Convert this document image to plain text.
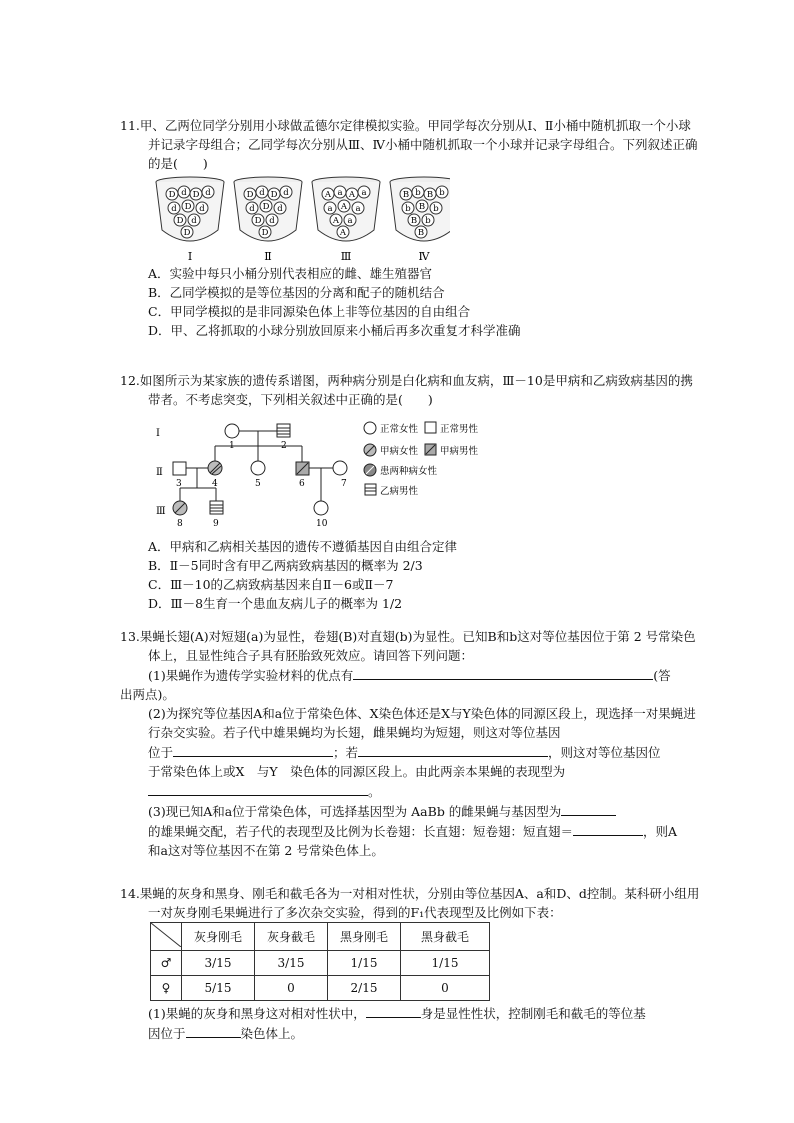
11.甲、乙两位同学分别用小球做孟德尔定律模拟实验。甲同学每次分别从Ⅰ、Ⅱ小桶中随机抓取一个小球并记录字母组合；乙同学每次分别从Ⅲ、Ⅳ小桶中随机抓取一个小球并记录字母组合。下列叙述正确的是(　　)

D d D d
d D d
D d
D
Ⅰ
D d D d
d D d
D d
D
Ⅱ
A a A a
a A a
A a
A
Ⅲ
B b B b
b B b
B b
B
Ⅳ

A．实验中每只小桶分别代表相应的雌、雄生殖器官

B．乙同学模拟的是等位基因的分离和配子的随机结合

C．甲同学模拟的是非同源染色体上非等位基因的自由组合

D．甲、乙将抓取的小球分别放回原来小桶后再多次重复才科学准确

12.如图所示为某家族的遗传系谱图，两种病分别是白化病和血友病，Ⅲ－10是甲病和乙病致病基因的携带者。不考虑突变，下列相关叙述中正确的是(　　)

Ⅰ
Ⅱ
Ⅲ
1	2
3	4	5	6	7
8	9	10
正常女性 正常男性
甲病女性 甲病男性
患两种病女性
乙病男性

A．甲病和乙病相关基因的遗传不遵循基因自由组合定律

B．Ⅱ－5同时含有甲乙两病致病基因的概率为 2/3

C．Ⅲ－10的乙病致病基因来自Ⅱ－6或Ⅱ－7

D．Ⅲ－8生育一个患血友病儿子的概率为 1/2

13.果蝇长翅(A)对短翅(a)为显性，卷翅(B)对直翅(b)为显性。已知B和b这对等位基因位于第 2 号常染色体上，且显性纯合子具有胚胎致死效应。请回答下列问题：

(1)果蝇作为遗传学实验材料的优点有	(答

出两点)。

(2)为探究等位基因A和a位于常染色体、X染色体还是X与Y染色体的同源区段上，现选择一对果蝇进行杂交实验。若子代中雄果蝇均为长翅，雌果蝇均为短翅，则这对等位基因

位于	；若	，则这对等位基因位

于常染色体上或X　与Y　染色体的同源区段上。由此两亲本果蝇的表现型为

。

(3)现已知A和a位于常染色体，可选择基因型为 AaBb 的雌果蝇与基因型为

的雄果蝇交配，若子代的表现型及比例为长卷翅：长直翅：短卷翅：短直翅＝	，则A

和a这对等位基因不在第 2 号常染色体上。

14.果蝇的灰身和黑身、刚毛和截毛各为一对相对性状，分别由等位基因A、a和D、d控制。某科研小组用一对灰身刚毛果蝇进行了多次杂交实验，得到的F₁代表现型及比例如下表：

	灰身刚毛	灰身截毛	黑身刚毛	黑身截毛
♂	3/15	3/15	1/15	1/15
♀	5/15	0	2/15	0

(1)果蝇的灰身和黑身这对相对性状中，	身是显性性状，控制刚毛和截毛的等位基

因位于	染色体上。
